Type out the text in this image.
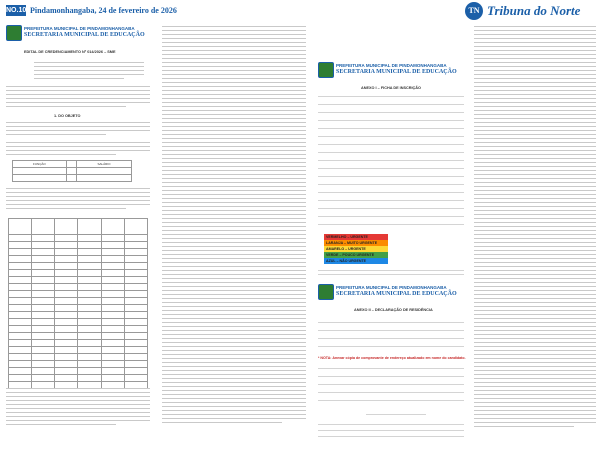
NO.10 Pindamonhangaba, 24 de fevereiro de 2026	TN Tribuna do Norte
PREFEITURA MUNICIPAL DE PINDAMONHANGABA
SECRETARIA MUNICIPAL DE EDUCAÇÃO
EDITAL DE CREDENCIAMENTO Nº 014/2026 – SME
1. DO OBJETO
FUNÇÃO		SALÁRIO

PREFEITURA MUNICIPAL DE PINDAMONHANGABA
SECRETARIA MUNICIPAL DE EDUCAÇÃO
ANEXO I – FICHA DE INSCRIÇÃO
VERMELHO – URGENTE
LARANJA – MUITO URGENTE
AMARELO – URGENTE
VERDE – POUCO URGENTE
AZUL – NÃO URGENTE
PREFEITURA MUNICIPAL DE PINDAMONHANGABA
SECRETARIA MUNICIPAL DE EDUCAÇÃO
ANEXO II – DECLARAÇÃO DE RESIDÊNCIA
* NOTA: Anexar cópia de comprovante de endereço atualizado em nome do candidato.
